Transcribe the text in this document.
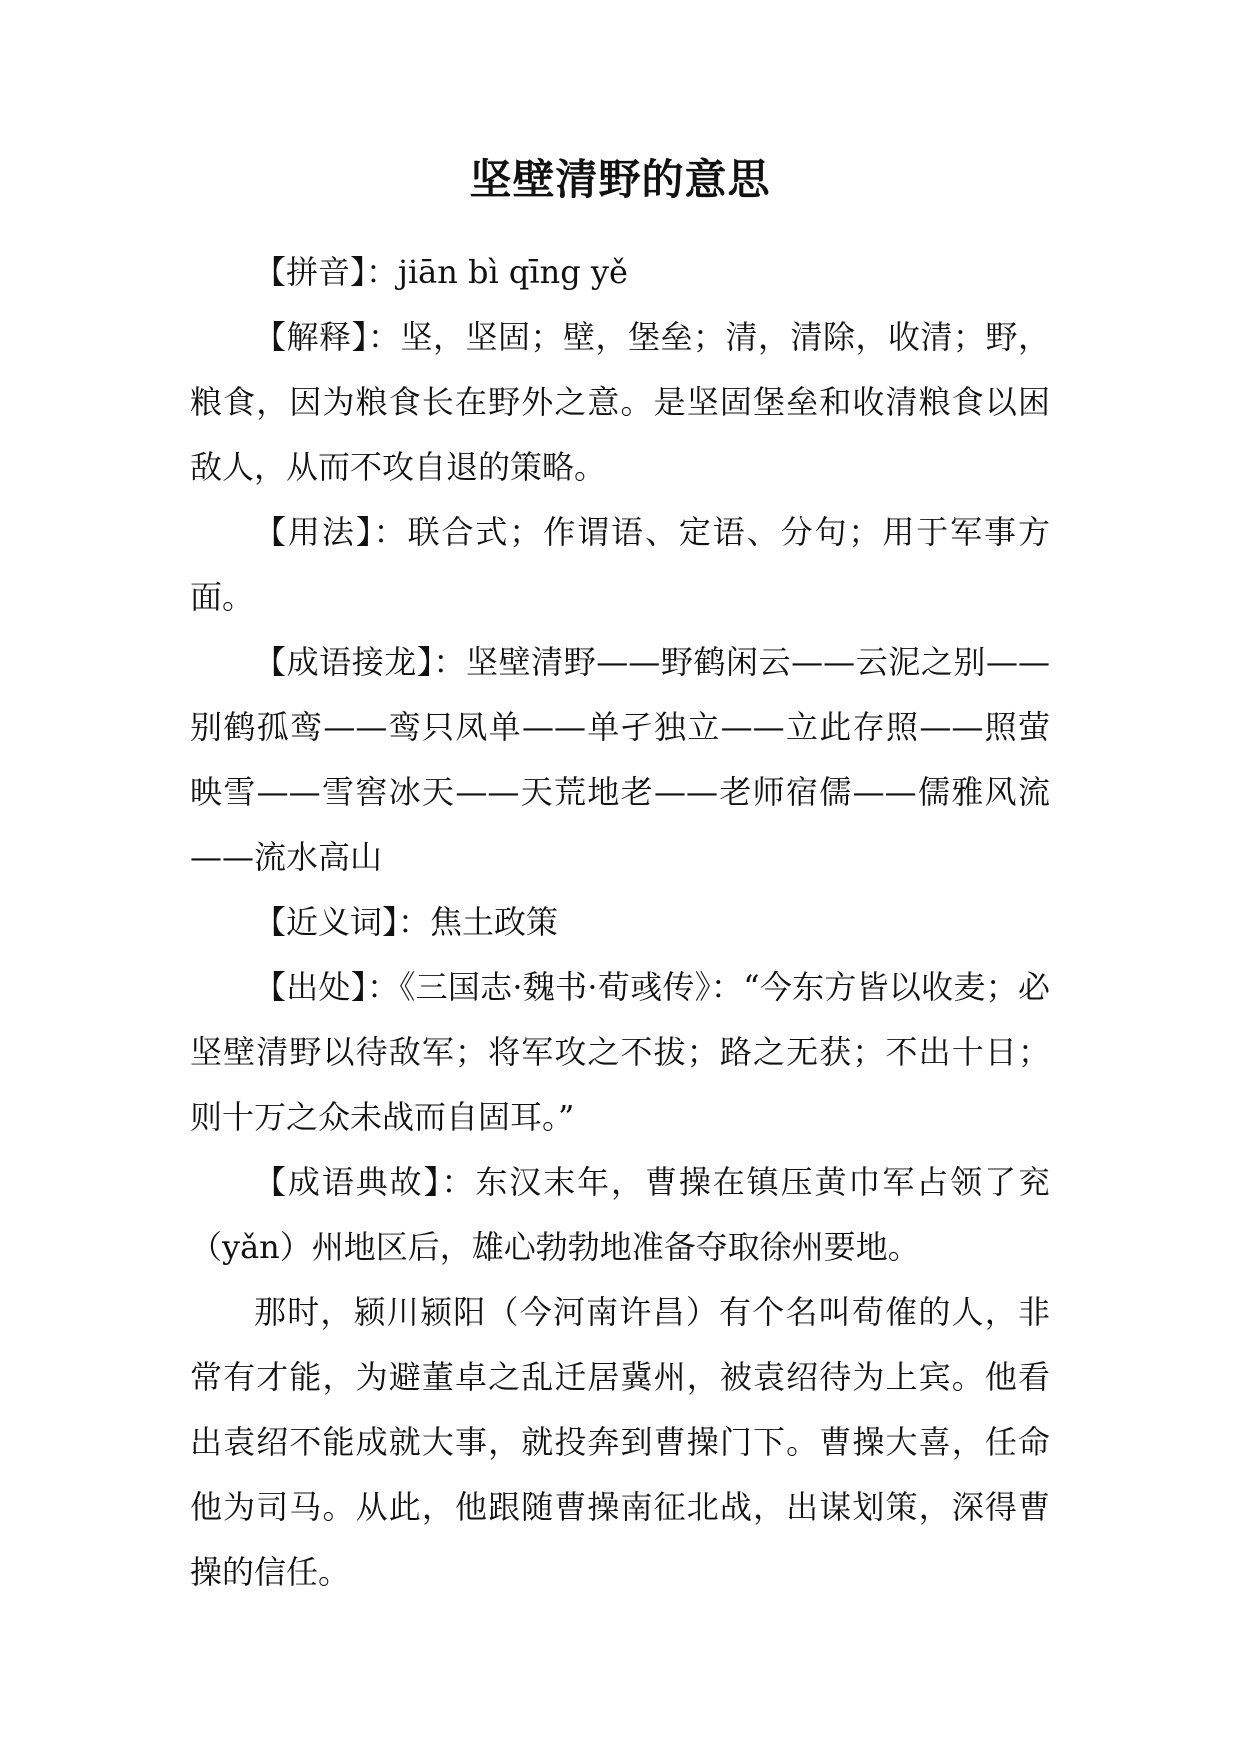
坚壁清野的意思

【拼音】：jiān bì qīng yě

【解释】：坚，坚固；壁，堡垒；清，清除，收清；野，粮食，因为粮食长在野外之意。是坚固堡垒和收清粮食以困敌人，从而不攻自退的策略。

【用法】：联合式；作谓语、定语、分句；用于军事方面。

【成语接龙】：坚壁清野——野鹤闲云——云泥之别——别鹤孤鸾——鸾只凤单——单孑独立——立此存照——照萤映雪——雪窖冰天——天荒地老——老师宿儒——儒雅风流——流水高山

【近义词】：焦土政策

【出处】：《三国志·魏书·荀彧传》：“今东方皆以收麦；必坚壁清野以待敌军；将军攻之不拔；路之无获；不出十日；则十万之众未战而自固耳。”

【成语典故】：东汉末年，曹操在镇压黄巾军占领了兖（yǎn）州地区后，雄心勃勃地准备夺取徐州要地。

那时，颍川颍阳（今河南许昌）有个名叫荀傕的人，非常有才能，为避董卓之乱迁居冀州，被袁绍待为上宾。他看出袁绍不能成就大事，就投奔到曹操门下。曹操大喜，任命他为司马。从此，他跟随曹操南征北战，出谋划策，深得曹操的信任。
